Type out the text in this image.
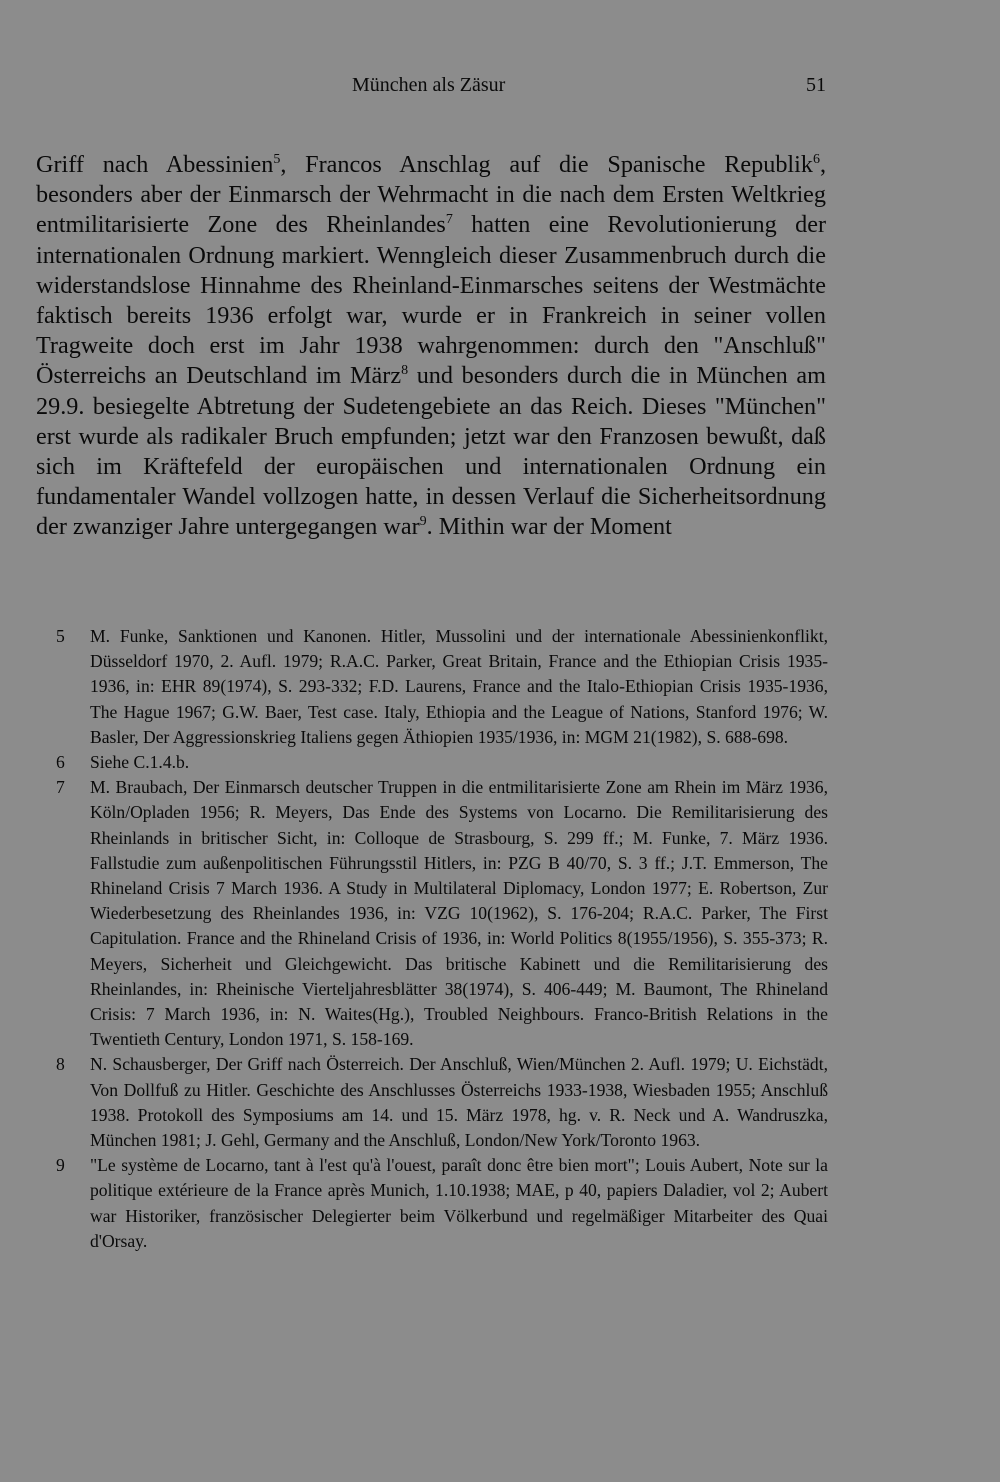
München als Zäsur	51

Griff nach Abessinien$^5$, Francos Anschlag auf die Spanische Republik$^6$, besonders aber der Einmarsch der Wehrmacht in die nach dem Ersten Weltkrieg entmilitarisierte Zone des Rheinlandes$^7$ hatten eine Revolutionierung der internationalen Ordnung markiert. Wenngleich dieser Zusammenbruch durch die widerstandslose Hinnahme des Rheinland-Einmarsches seitens der Westmächte faktisch bereits 1936 erfolgt war, wurde er in Frankreich in seiner vollen Tragweite doch erst im Jahr 1938 wahrgenommen: durch den "Anschluß" Österreichs an Deutschland im März$^8$ und besonders durch die in München am 29.9. besiegelte Abtretung der Sudetengebiete an das Reich. Dieses "München" erst wurde als radikaler Bruch empfunden; jetzt war den Franzosen bewußt, daß sich im Kräftefeld der europäischen und internationalen Ordnung ein fundamentaler Wandel vollzogen hatte, in dessen Verlauf die Sicherheitsordnung der zwanziger Jahre untergegangen war$^9$. Mithin war der Moment

5 M. Funke, Sanktionen und Kanonen. Hitler, Mussolini und der internationale Abessinienkonflikt, Düsseldorf 1970, 2. Aufl. 1979; R.A.C. Parker, Great Britain, France and the Ethiopian Crisis 1935-1936, in: EHR 89(1974), S. 293-332; F.D. Laurens, France and the Italo-Ethiopian Crisis 1935-1936, The Hague 1967; G.W. Baer, Test case. Italy, Ethiopia and the League of Nations, Stanford 1976; W. Basler, Der Aggressionskrieg Italiens gegen Äthiopien 1935/1936, in: MGM 21(1982), S. 688-698.
6 Siehe C.1.4.b.
7 M. Braubach, Der Einmarsch deutscher Truppen in die entmilitarisierte Zone am Rhein im März 1936, Köln/Opladen 1956; R. Meyers, Das Ende des Systems von Locarno. Die Remilitarisierung des Rheinlands in britischer Sicht, in: Colloque de Strasbourg, S. 299 ff.; M. Funke, 7. März 1936. Fallstudie zum außenpolitischen Führungsstil Hitlers, in: PZG B 40/70, S. 3 ff.; J.T. Emmerson, The Rhineland Crisis 7 March 1936. A Study in Multilateral Diplomacy, London 1977; E. Robertson, Zur Wiederbesetzung des Rheinlandes 1936, in: VZG 10(1962), S. 176-204; R.A.C. Parker, The First Capitulation. France and the Rhineland Crisis of 1936, in: World Politics 8(1955/1956), S. 355-373; R. Meyers, Sicherheit und Gleichgewicht. Das britische Kabinett und die Remilitarisierung des Rheinlandes, in: Rheinische Vierteljahresblätter 38(1974), S. 406-449; M. Baumont, The Rhineland Crisis: 7 March 1936, in: N. Waites(Hg.), Troubled Neighbours. Franco-British Relations in the Twentieth Century, London 1971, S. 158-169.
8 N. Schausberger, Der Griff nach Österreich. Der Anschluß, Wien/München 2. Aufl. 1979; U. Eichstädt, Von Dollfuß zu Hitler. Geschichte des Anschlusses Österreichs 1933-1938, Wiesbaden 1955; Anschluß 1938. Protokoll des Symposiums am 14. und 15. März 1978, hg. v. R. Neck und A. Wandruszka, München 1981; J. Gehl, Germany and the Anschluß, London/New York/Toronto 1963.
9 "Le système de Locarno, tant à l'est qu'à l'ouest, paraît donc être bien mort"; Louis Aubert, Note sur la politique extérieure de la France après Munich, 1.10.1938; MAE, p 40, papiers Daladier, vol 2; Aubert war Historiker, französischer Delegierter beim Völkerbund und regelmäßiger Mitarbeiter des Quai d'Orsay.
